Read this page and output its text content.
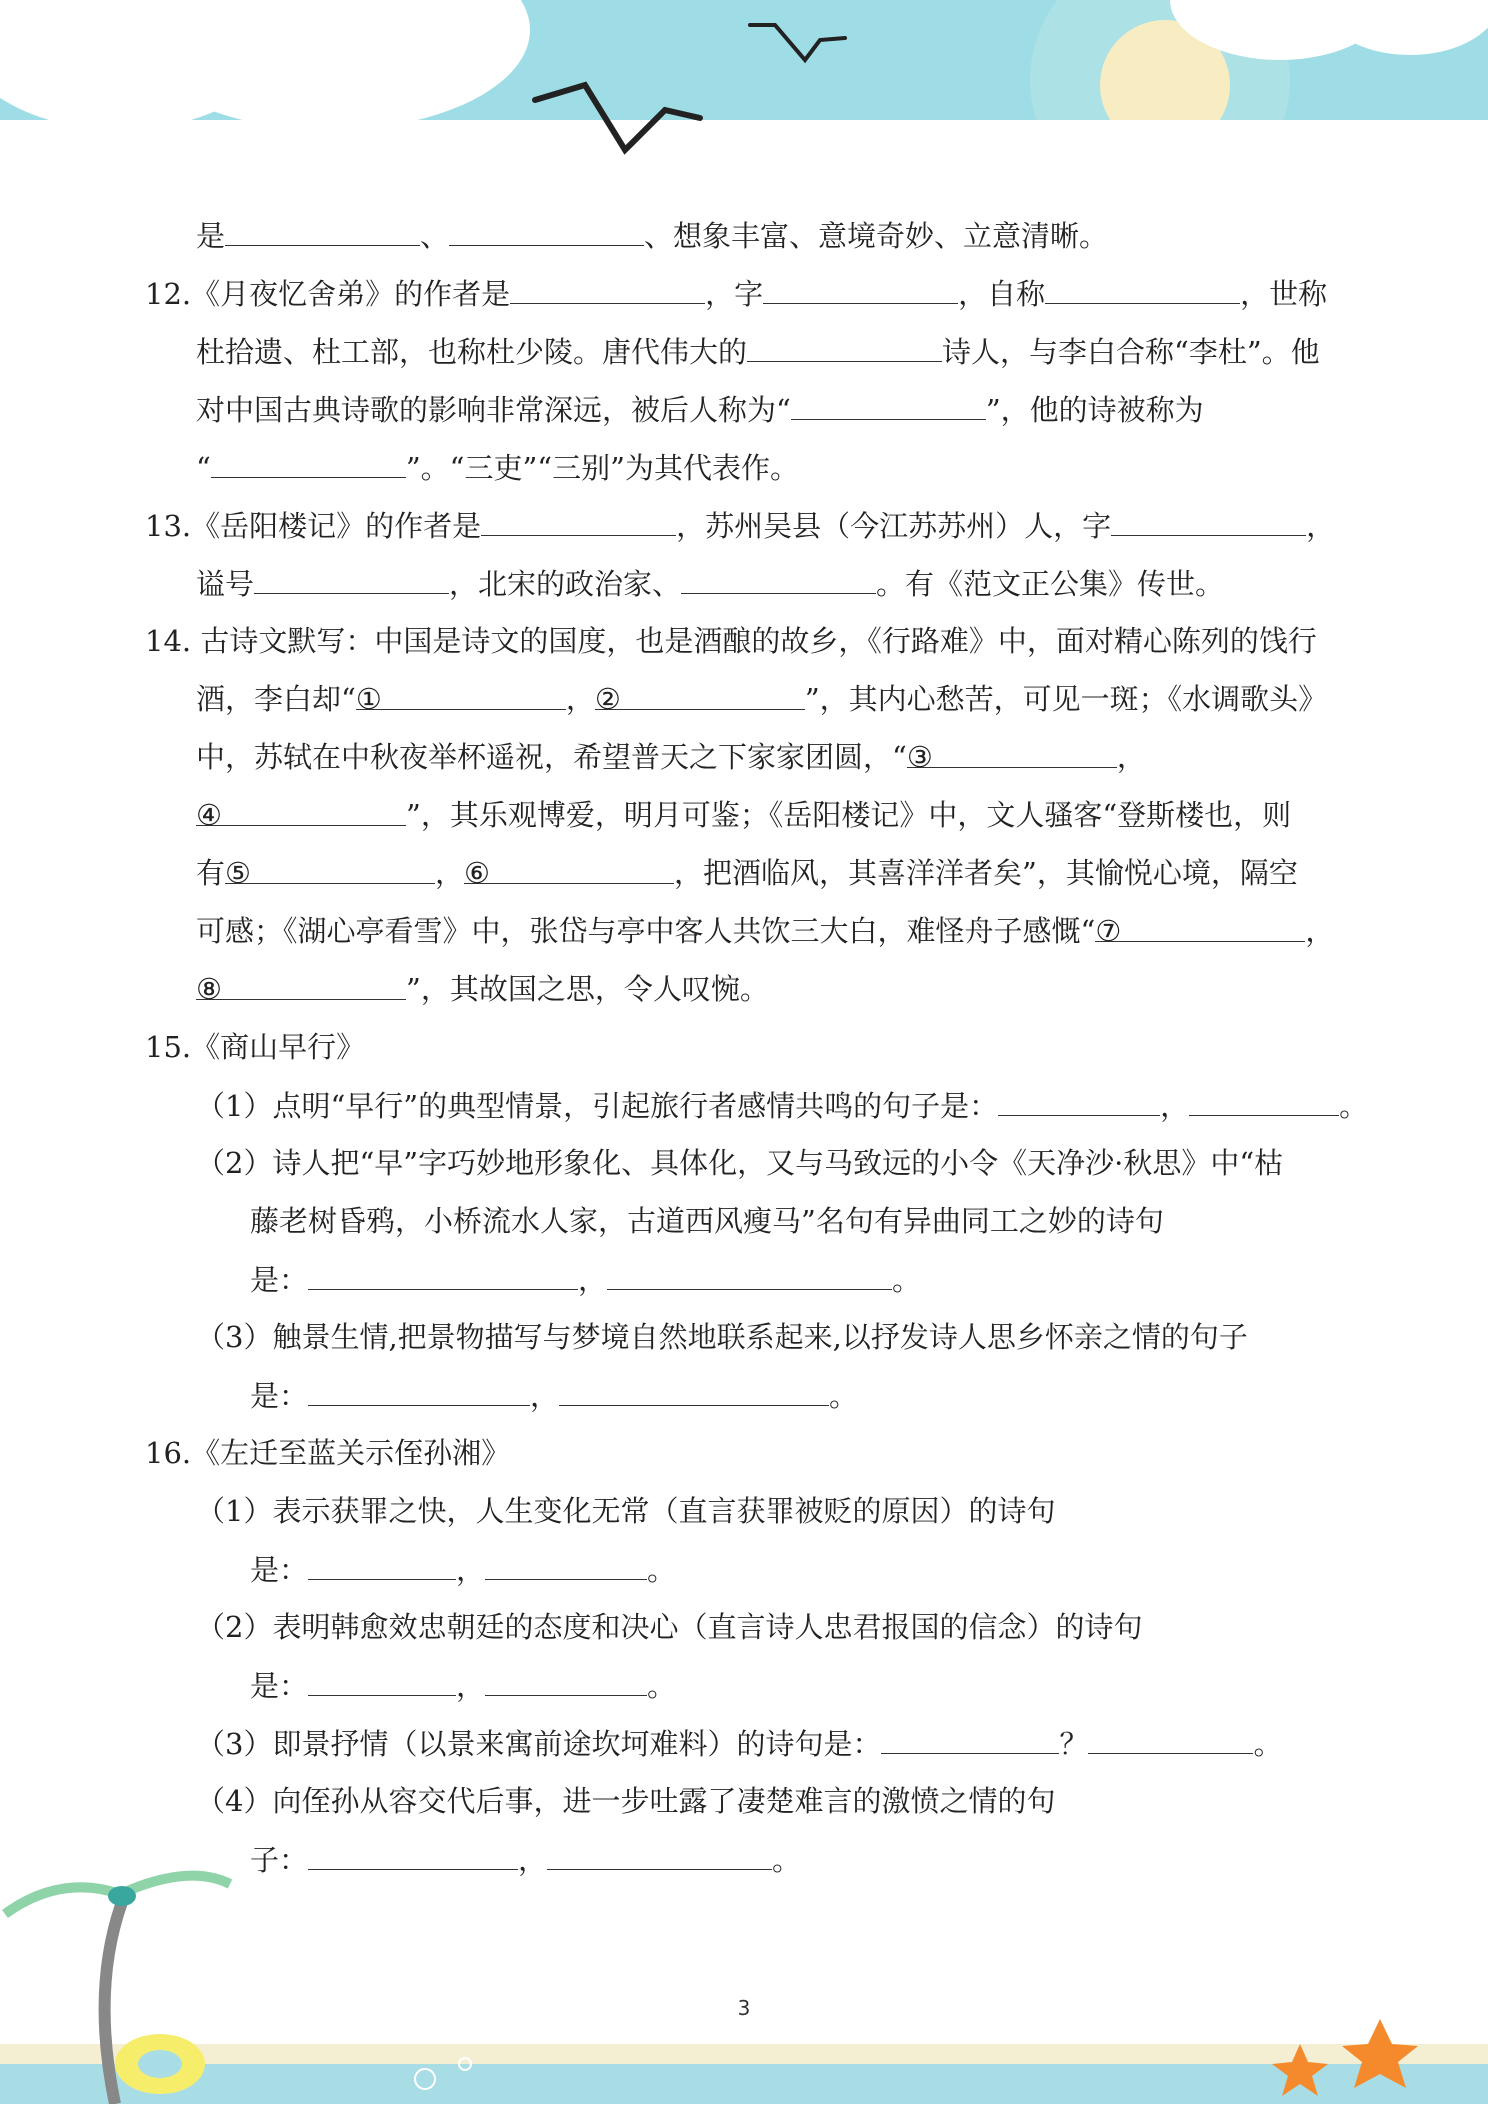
是	、	、想象丰富、意境奇妙、立意清晰。
12.《月夜忆舍弟》的作者是	，字	，自称	，世称
杜拾遗、杜工部，也称杜少陵。唐代伟大的	诗人，与李白合称“李杜”。他
对中国古典诗歌的影响非常深远，被后人称为“	”，他的诗被称为
“	”。“三吏”“三别”为其代表作。
13.《岳阳楼记》的作者是	，苏州吴县（今江苏苏州）人，字	，
谥号	，北宋的政治家、	。有《范文正公集》传世。
14. 古诗文默写：中国是诗文的国度，也是酒酿的故乡，《行路难》中，面对精心陈列的饯行
酒，李白却“①	，②	”，其内心愁苦，可见一斑；《水调歌头》
中，苏轼在中秋夜举杯遥祝，希望普天之下家家团圆，“③	，
④	”，其乐观博爱，明月可鉴；《岳阳楼记》中，文人骚客“登斯楼也，则
有⑤	，⑥	，把酒临风，其喜洋洋者矣”，其愉悦心境，隔空
可感；《湖心亭看雪》中，张岱与亭中客人共饮三大白，难怪舟子感慨“⑦	，
⑧	”，其故国之思，令人叹惋。
15.《商山早行》
（1）点明“早行”的典型情景，引起旅行者感情共鸣的句子是：	，	。
（2）诗人把“早”字巧妙地形象化、具体化，又与马致远的小令《天净沙·秋思》中“枯
藤老树昏鸦，小桥流水人家，古道西风瘦马”名句有异曲同工之妙的诗句
是：	，	。
（3）触景生情,把景物描写与梦境自然地联系起来,以抒发诗人思乡怀亲之情的句子
是：	，	。
16.《左迁至蓝关示侄孙湘》
（1）表示获罪之快，人生变化无常（直言获罪被贬的原因）的诗句
是：	，	。
（2）表明韩愈效忠朝廷的态度和决心（直言诗人忠君报国的信念）的诗句
是：	，	。
（3）即景抒情（以景来寓前途坎坷难料）的诗句是：	？	。
（4）向侄孙从容交代后事，进一步吐露了凄楚难言的激愤之情的句
子：	，	。
3
